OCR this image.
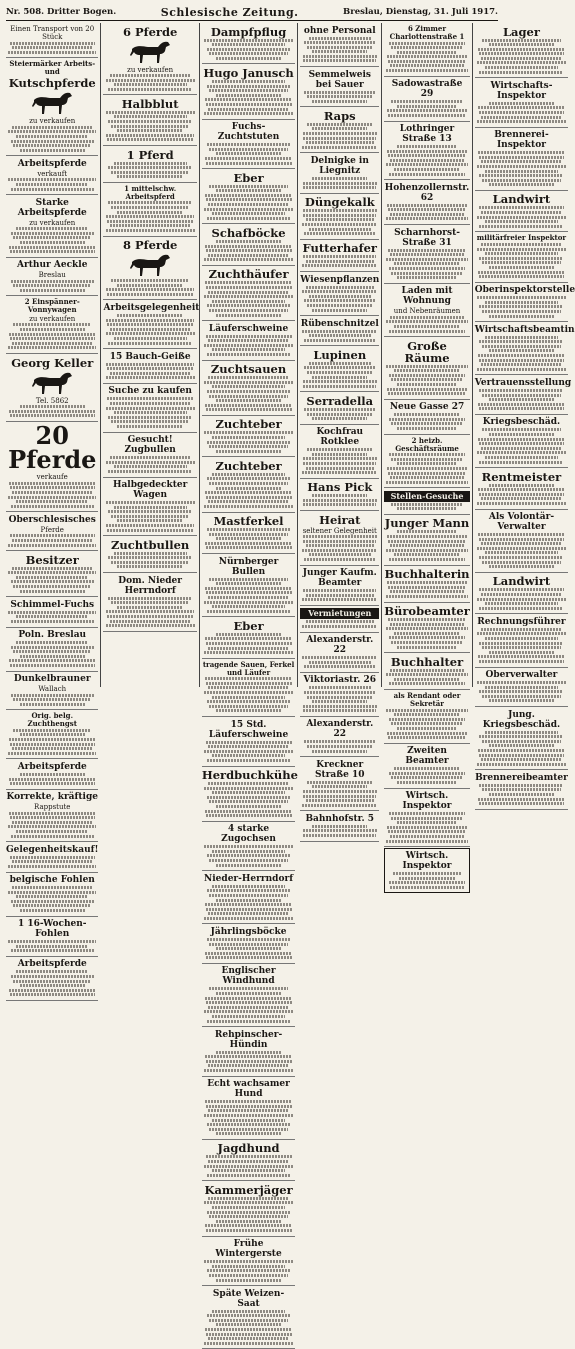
Nr. 508. Dritter Bogen.	Schlesische Zeitung.	Breslau, Dienstag, 31. Juli 1917.
Einen Transport von 20 Stück
Steiermärker Arbeits- und
Kutschpferde
zu verkaufen
Arbeitspferde
verkauft
Starke Arbeitspferde
zu verkaufen
Arthur Aeckle
Breslau
2 Einspänner-Vonnywagen
zu verkaufen
Georg Keller
Tel. 5862
20 Pferde
verkaufe
Oberschlesisches
Pferde
Besitzer
Schimmel-Fuchs
Poln. Breslau
Dunkelbrauner
Wallach
Orig. belg. Zuchthengst
Arbeitspferde
Korrekte, kräftige
Rappstute
Gelegenheitskauf!
belgische Fohlen
1 16-Wochen-Fohlen
Arbeitspferde
6 Pferde
zu verkaufen
Halbblut
1 Pferd
1 mittelschw. Arbeitspferd
8 Pferde
Arbeitsgelegenheit
15 Bauch-Geiße
Suche zu kaufen
Gesucht! Zugbullen
Halbgedeckter Wagen
Zuchtbullen
Dom. Nieder Herrndorf
Dampfpflug
Hugo Janusch
Fuchs-Zuchtstuten
Eber
Schafböcke
Zuchthäufer
Läuferschweine
Zuchtsauen
Zuchteber
Zuchteber
Mastferkel
Nürnberger Bullen
Eber
tragende Sauen, Ferkel und Läufer
15 Std. Läuferschweine
Herdbuchkühe
4 starke Zugochsen
Nieder-Herrndorf
Jährlingsböcke
Englischer Windhund
Rehpinscher-Hündin
Echt wachsamer Hund
Jagdhund
Kammerjäger
Frühe Wintergerste
Späte Weizen-Saat
ohne Personal
Semmelweis bei Sauer
Raps
Delnigke in Liegnitz
Düngekalk
Futterhafer
Wiesenpflanzen
Rübenschnitzel
Lupinen
Serradella
Kochfrau Rotklee
Hans Pick
Heirat
seltener Gelegenheit
Junger Kaufm. Beamter
Vermietungen
Alexanderstr. 22
Viktoriastr. 26
Alexanderstr. 22
Kreckner Straße 10
Bahnhofstr. 5
6 Zimmer Charlottenstraße 1
Sadowastraße 29
Lothringer Straße 13
Hohenzollernstr. 62
Scharnhorst-Straße 31
Laden mit Wohnung
und Nebenräumen
Große Räume
Neue Gasse 27
2 heizb. Geschäftsräume
Stellen-Gesuche
Junger Mann
Buchhalterin
Bürobeamter
Buchhalter
als Rendant oder Sekretär
Zweiten Beamter
Wirtsch. Inspektor
Wirtsch. Inspektor
Lager
Wirtschafts-Inspektor
Brennerei-Inspektor
Landwirt
militärfreier Inspektor
Oberinspektorstelle
Wirtschaftsbeamtin
Vertrauensstellung
Kriegsbeschäd.
Rentmeister
Als Volontär-Verwalter
Landwirt
Rechnungsführer
Oberverwalter
Jung. Kriegsbeschäd.
Brennereibeamter
